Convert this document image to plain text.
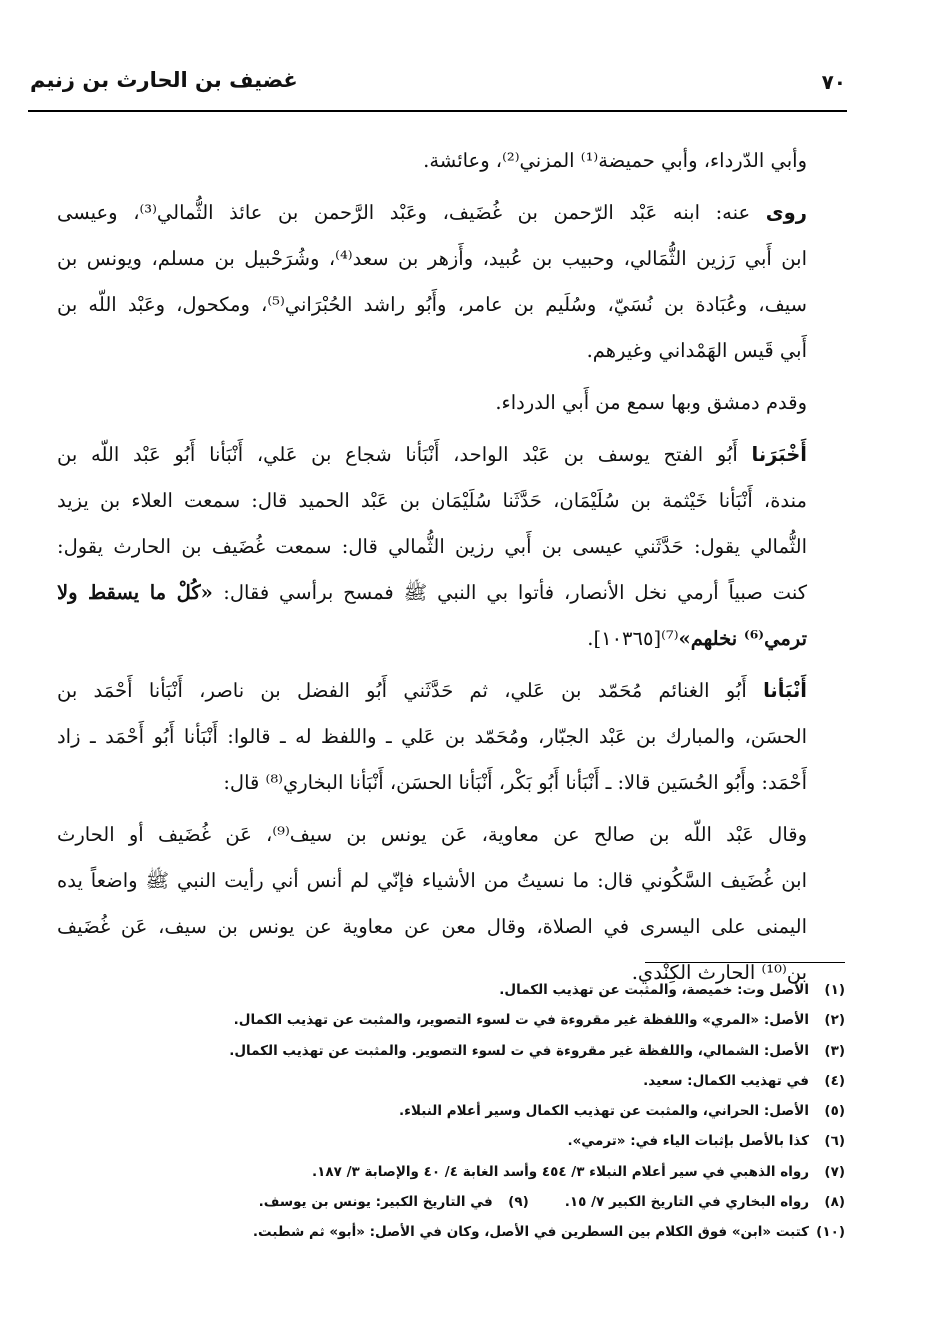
٧٠
غضيف بن الحارث بن زنيم
وأبي الدّرداء، وأبي حميضة⁽¹⁾ المزني⁽²⁾، وعائشة.
روى عنه: ابنه عَبْد الرّحمن بن غُضَيف، وعَبْد الرَّحمن بن عائذ الثُّمالي⁽³⁾، وعيسى
ابن أَبي رَزين الثُّمَالي، وحبيب بن عُبيد، وأَزهر بن سعد⁽⁴⁾، وشُرَحْبيل بن مسلم، ويونس بن
سيف، وعُبَادة بن نُسَيّ، وسُلَيم بن عامر، وأَبُو راشد الحُبْرَاني⁽⁵⁾، ومكحول، وعَبْد اللّه بن
أَبي قَيس الهَمْداني وغيرهم.
وقدم دمشق وبها سمع من أَبي الدرداء.
أَخْبَرَنا أَبُو الفتح يوسف بن عَبْد الواحد، أَنْبَأنا شجاع بن عَلي، أَنْبَأنا أَبُو عَبْد اللّه بن
مندة، أَنْبَأنا خَيْثمة بن سُلَيْمَان، حَدَّثَنا سُلَيْمَان بن عَبْد الحميد قال: سمعت العلاء بن يزيد
الثُّمالي يقول: حَدَّثَني عيسى بن أَبي رزين الثُّمالي قال: سمعت غُضَيف بن الحارث يقول:
كنت صبياً أرمي نخل الأنصار، فأتوا بي النبي ﷺ فمسح برأسي فقال: «كُلْ ما يسقط ولا
ترمي⁽⁶⁾ نخلهم»⁽⁷⁾[١٠٣٦٥].
أَنْبَأنا أَبُو الغنائم مُحَمّد بن عَلي، ثم حَدَّثَني أَبُو الفضل بن ناصر، أَنْبَأنا أَحْمَد بن
الحسَن، والمبارك بن عَبْد الجبّار، ومُحَمّد بن عَلي ـ واللفظ له ـ قالوا: أَنْبَأنا أَبُو أَحْمَد ـ زاد
أَحْمَد: وأَبُو الحُسَين قالا: ـ أَنْبَأنا أَبُو بَكْر، أَنْبَأنا الحسَن، أَنْبَأنا البخاري⁽⁸⁾ قال:
وقال عَبْد اللّه بن صالح عن معاوية، عَن يونس بن سيف⁽⁹⁾، عَن غُضَيف أو الحارث
ابن غُضَيف السَّكُوني قال: ما نسيتُ من الأشياء فإنّي لم أنس أني رأيت النبي ﷺ واضعاً يده
اليمنى على اليسرى في الصلاة، وقال معن عن معاوية عن يونس بن سيف، عَن غُضَيف
بن⁽¹⁰⁾ الحارث الكِنْدي.
(١)الأصل وت: خميصة، والمثبت عن تهذيب الكمال.
(٢)الأصل: «المري» واللفظة غير مقروءة في ت لسوء التصوير، والمثبت عن تهذيب الكمال.
(٣)الأصل: الشمالي، واللفظة غير مقروءة في ت لسوء التصوير. والمثبت عن تهذيب الكمال.
(٤)في تهذيب الكمال: سعيد.
(٥)الأصل: الحراني، والمثبت عن تهذيب الكمال وسير أعلام النبلاء.
(٦)كذا بالأصل بإثبات الياء في: «ترمي».
(٧)رواه الذهبي في سير أعلام النبلاء ٣/ ٤٥٤ وأسد الغابة ٤/ ٤٠ والإصابة ٣/ ١٨٧.
(٨)رواه البخاري في التاريخ الكبير ٧/ ١٥.(٩)في التاريخ الكبير: يونس بن يوسف.
(١٠)كتبت «ابن» فوق الكلام بين السطرين في الأصل، وكان في الأصل: «أبو» ثم شطبت.
